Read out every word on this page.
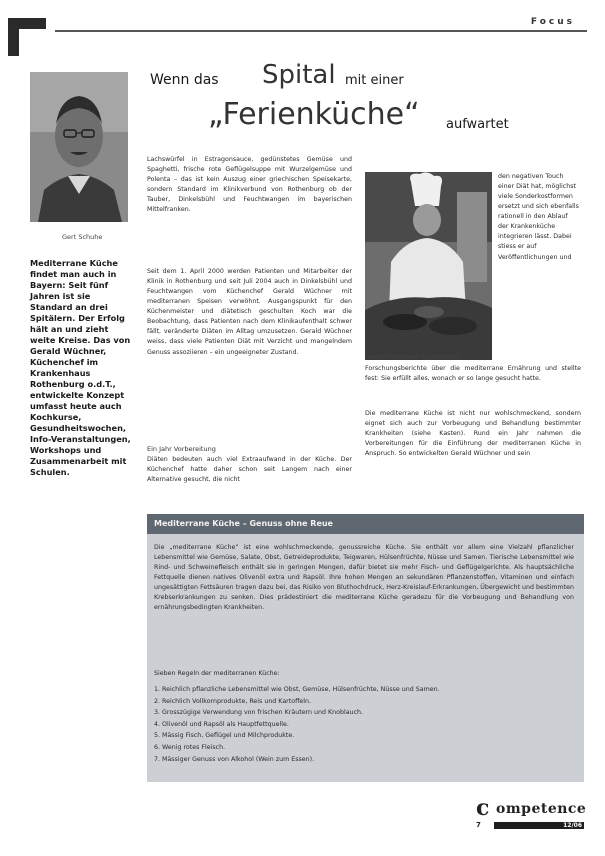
Focus
Gert Schuhe

Mediterrane Küche findet man auch in Bayern: Seit fünf Jahren ist sie Standard an drei Spitälern. Der Erfolg hält an und zieht weite Kreise. Das von Gerald Wüchner, Küchenchef im Krankenhaus Rothenburg o.d.T., entwickelte Konzept umfasst heute auch Kochkurse, Gesundheitswochen, Info-Veranstaltungen, Workshops und Zusammenarbeit mit Schulen.

Wenn das Spital mit einer
„Ferienküche“ aufwartet

Lachswürfel in Estragonsauce, gedünstetes Gemüse und Spaghetti, frische rote Geflügelsuppe mit Wurzelgemüse und Polenta – das ist kein Auszug einer griechischen Speisekarte, sondern Standard im Klinikverbund von Rothenburg ob der Tauber, Dinkelsbühl und Feuchtwangen im bayerischen Mittelfranken.

Seit dem 1. April 2000 werden Patienten und Mitarbeiter der Klinik in Rothenburg und seit Juli 2004 auch in Dinkelsbühl und Feuchtwangen vom Küchenchef Gerald Wüchner mit mediterranen Speisen verwöhnt. Ausgangspunkt für den Küchenmeister und diätetisch geschulten Koch war die Beobachtung, dass Patienten nach dem Klinikaufenthalt schwer fällt, veränderte Diäten im Alltag umzusetzen. Gerald Wüchner weiss, dass viele Patienten Diät mit Verzicht und mangelndem Genuss assoziieren – ein ungeeigneter Zustand.

Ein Jahr Vorbereitung

Diäten bedeuten auch viel Extraaufwand in der Küche. Der Küchenchef hatte daher schon seit Langem nach einer Alternative gesucht, die nicht

Gerald Wüchner, Küchenchef

den negativen Touch einer Diät hat, möglichst viele Sonderkostformen ersetzt und sich ebenfalls rationell in den Ablauf der Krankenküche integrieren lässt. Dabei stiess er auf Veröffentlichungen und

Forschungsberichte über die mediterrane Ernährung und stellte fest: Sie erfüllt alles, wonach er so lange gesucht hatte.

Die mediterrane Küche ist nicht nur wohlschmeckend, sondern eignet sich auch zur Vorbeugung und Behandlung bestimmter Krankheiten (siehe Kasten). Rund ein Jahr nahmen die Vorbereitungen für die Einführung der mediterranen Küche in Anspruch. So entwickelten Gerald Wüchner und sein

Mediterrane Küche – Genuss ohne Reue

Die „mediterrane Küche“ ist eine wohlschmeckende, genussreiche Küche. Sie enthält vor allem eine Vielzahl pflanzlicher Lebensmittel wie Gemüse, Salate, Obst, Getreideprodukte, Teigwaren, Hülsenfrüchte, Nüsse und Samen. Tierische Lebensmittel wie Rind- und Schweinefleisch enthält sie in geringen Mengen, dafür bietet sie mehr Fisch- und Geflügelgerichte. Als hauptsächliche Fettquelle dienen natives Olivenöl extra und Rapsöl. Ihre hohen Mengen an sekundären Pflanzenstoffen, Vitaminen und einfach ungesättigten Fettsäuren tragen dazu bei, das Risiko von Bluthochdruck, Herz-Kreislauf-Erkrankungen, Übergewicht und bestimmten Krebserkrankungen zu senken. Dies prädestiniert die mediterrane Küche geradezu für die Vorbeugung und Behandlung von ernährungsbedingten Krankheiten.

Sieben Regeln der mediterranen Küche:

1. Reichlich pflanzliche Lebensmittel wie Obst, Gemüse, Hülsenfrüchte, Nüsse und Samen.
2. Reichlich Vollkornprodukte, Reis und Kartoffeln.
3. Grosszügige Verwendung von frischen Kräutern und Knoblauch.
4. Olivenöl und Rapsöl als Hauptfettquelle.
5. Mässig Fisch, Geflügel und Milchprodukte.
6. Wenig rotes Fleisch.
7. Mässiger Genuss von Alkohol (Wein zum Essen).
c ompetence
12/06
7
